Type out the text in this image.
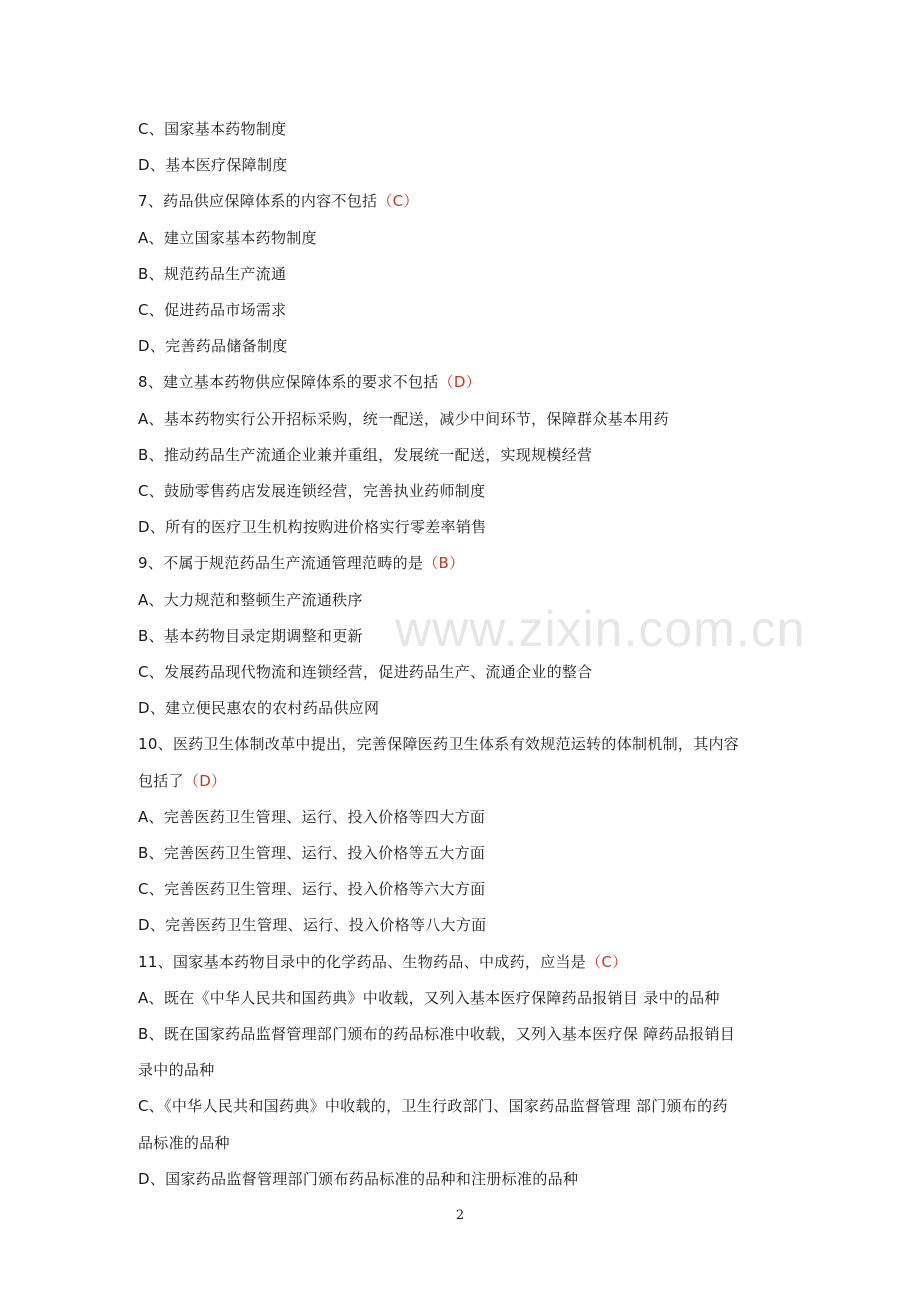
www.zixin.com.cn
C、国家基本药物制度
D、基本医疗保障制度
7、药品供应保障体系的内容不包括（C）
A、建立国家基本药物制度
B、规范药品生产流通
C、促进药品市场需求
D、完善药品储备制度
8、建立基本药物供应保障体系的要求不包括（D）
A、基本药物实行公开招标采购，统一配送，减少中间环节，保障群众基本用药
B、推动药品生产流通企业兼并重组，发展统一配送，实现规模经营
C、鼓励零售药店发展连锁经营，完善执业药师制度
D、所有的医疗卫生机构按购进价格实行零差率销售
9、不属于规范药品生产流通管理范畴的是（B）
A、大力规范和整顿生产流通秩序
B、基本药物目录定期调整和更新
C、发展药品现代物流和连锁经营，促进药品生产、流通企业的整合
D、建立便民惠农的农村药品供应网
10、医药卫生体制改革中提出，完善保障医药卫生体系有效规范运转的体制机制，其内容
包括了（D）
A、完善医药卫生管理、运行、投入价格等四大方面
B、完善医药卫生管理、运行、投入价格等五大方面
C、完善医药卫生管理、运行、投入价格等六大方面
D、完善医药卫生管理、运行、投入价格等八大方面
11、国家基本药物目录中的化学药品、生物药品、中成药，应当是（C）
A、既在《中华人民共和国药典》中收载，又列入基本医疗保障药品报销目 录中的品种
B、既在国家药品监督管理部门颁布的药品标准中收载，又列入基本医疗保 障药品报销目
录中的品种
C、《中华人民共和国药典》中收载的，卫生行政部门、国家药品监督管理 部门颁布的药
品标准的品种
D、国家药品监督管理部门颁布药品标准的品种和注册标准的品种
2
